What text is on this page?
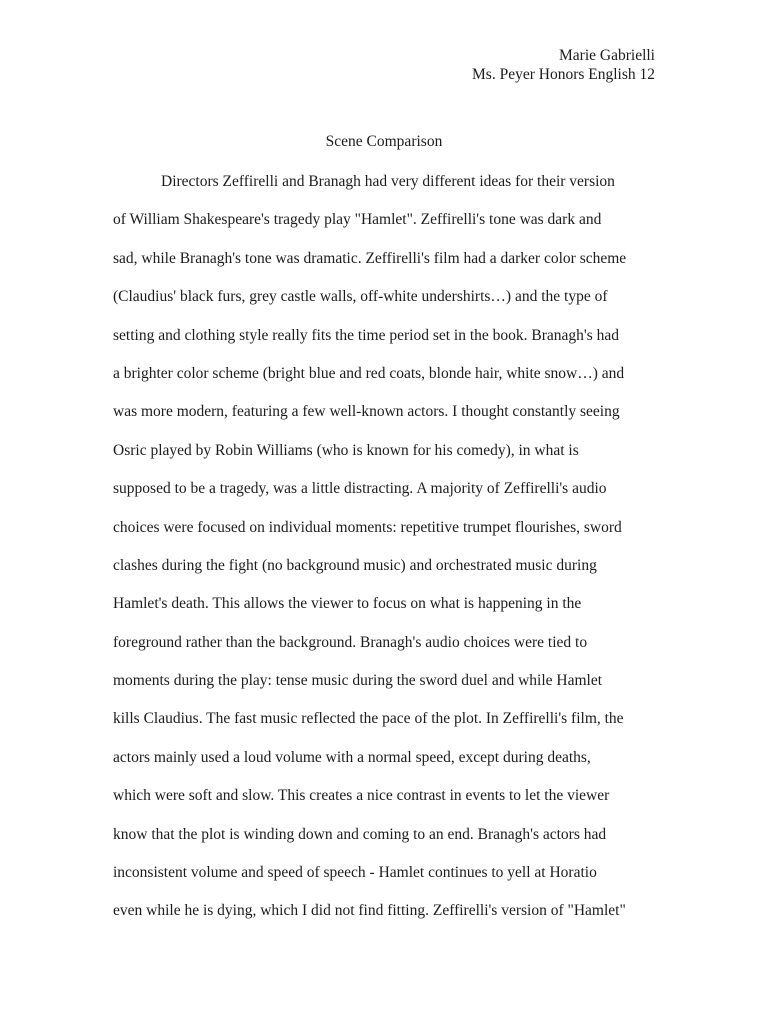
Marie Gabrielli
Ms. Peyer Honors English 12
Scene Comparison
Directors Zeffirelli and Branagh had very different ideas for their version
of William Shakespeare's tragedy play "Hamlet". Zeffirelli's tone was dark and
sad, while Branagh's tone was dramatic. Zeffirelli's film had a darker color scheme
(Claudius' black furs, grey castle walls, off-white undershirts…) and the type of
setting and clothing style really fits the time period set in the book. Branagh's had
a brighter color scheme (bright blue and red coats, blonde hair, white snow…) and
was more modern, featuring a few well-known actors. I thought constantly seeing
Osric played by Robin Williams (who is known for his comedy), in what is
supposed to be a tragedy, was a little distracting. A majority of Zeffirelli's audio
choices were focused on individual moments: repetitive trumpet flourishes, sword
clashes during the fight (no background music) and orchestrated music during
Hamlet's death. This allows the viewer to focus on what is happening in the
foreground rather than the background. Branagh's audio choices were tied to
moments during the play: tense music during the sword duel and while Hamlet
kills Claudius. The fast music reflected the pace of the plot. In Zeffirelli's film, the
actors mainly used a loud volume with a normal speed, except during deaths,
which were soft and slow. This creates a nice contrast in events to let the viewer
know that the plot is winding down and coming to an end. Branagh's actors had
inconsistent volume and speed of speech - Hamlet continues to yell at Horatio
even while he is dying, which I did not find fitting. Zeffirelli's version of "Hamlet"
